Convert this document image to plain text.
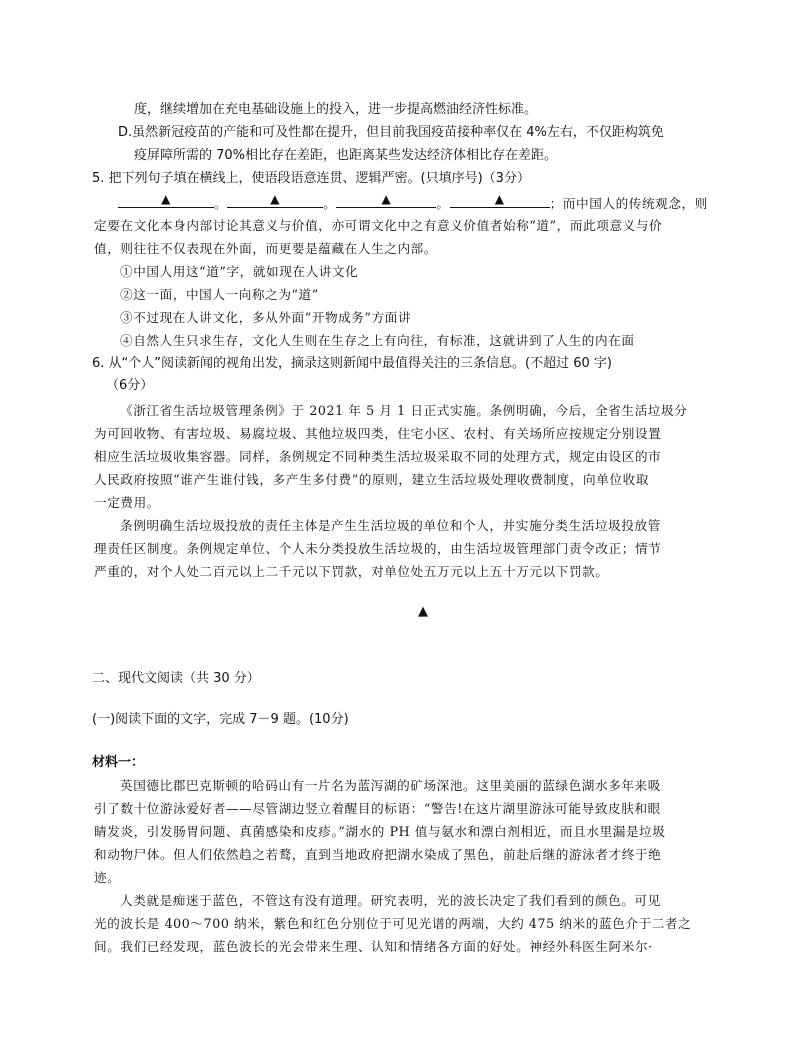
度，继续增加在充电基础设施上的投入，进一步提高燃油经济性标准。
D.虽然新冠疫苗的产能和可及性都在提升，但目前我国疫苗接种率仅在 4%左右，不仅距构筑免
疫屏障所需的 70%相比存在差距，也距离某些发达经济体相比存在差距。
5. 把下列句子填在横线上，使语段语意连贯、逻辑严密。(只填序号)（3分）
▲	。	▲	。	▲	。	▲	；而中国人的传统观念，则
定要在文化本身内部讨论其意义与价值，亦可谓文化中之有意义价值者始称“道”，而此项意义与价
值，则往往不仅表现在外面，而更要是蕴藏在人生之内部。
①中国人用这“道”字，就如现在人讲文化
②这一面，中国人一向称之为“道”
③不过现在人讲文化，多从外面“开物成务”方面讲
④自然人生只求生存，文化人生则在生存之上有向往，有标准，这就讲到了人生的内在面
6. 从“个人”阅读新闻的视角出发，摘录这则新闻中最值得关注的三条信息。(不超过 60 字)
（6分）
《浙江省生活垃圾管理条例》于 2021 年 5 月 1 日正式实施。条例明确，今后，全省生活垃圾分
为可回收物、有害垃圾、易腐垃圾、其他垃圾四类，住宅小区、农村、有关场所应按规定分别设置
相应生活垃圾收集容器。同样，条例规定不同种类生活垃圾采取不同的处理方式，规定由设区的市
人民政府按照“谁产生谁付钱，多产生多付费”的原则，建立生活垃圾处理收费制度，向单位收取
一定费用。
条例明确生活垃圾投放的责任主体是产生生活垃圾的单位和个人，并实施分类生活垃圾投放管
理责任区制度。条例规定单位、个人未分类投放生活垃圾的，由生活垃圾管理部门责令改正；情节
严重的，对个人处二百元以上二千元以下罚款，对单位处五万元以上五十万元以下罚款。
▲
二、现代文阅读（共 30 分）
(一)阅读下面的文字，完成 7－9 题。(10分)
材料一：
英国德比郡巴克斯顿的哈码山有一片名为蓝泻湖的矿场深池。这里美丽的蓝绿色湖水多年来吸
引了数十位游泳爱好者——尽管湖边竖立着醒目的标语：“警告!在这片湖里游泳可能导致皮肤和眼
睛发炎，引发肠胃问题、真菌感染和皮疹。”湖水的 PH 值与氨水和漂白剂相近，而且水里漏是垃圾
和动物尸体。但人们依然趋之若鹜，直到当地政府把湖水染成了黑色，前赴后继的游泳者才终于绝
迹。
人类就是痴迷于蓝色，不管这有没有道理。研究表明，光的波长决定了我们看到的颜色。可见
光的波长是 400～700 纳米，紫色和红色分别位于可见光谱的两端，大约 475 纳米的蓝色介于二者之
间。我们已经发现，蓝色波长的光会带来生理、认知和情绪各方面的好处。神经外科医生阿米尔·
